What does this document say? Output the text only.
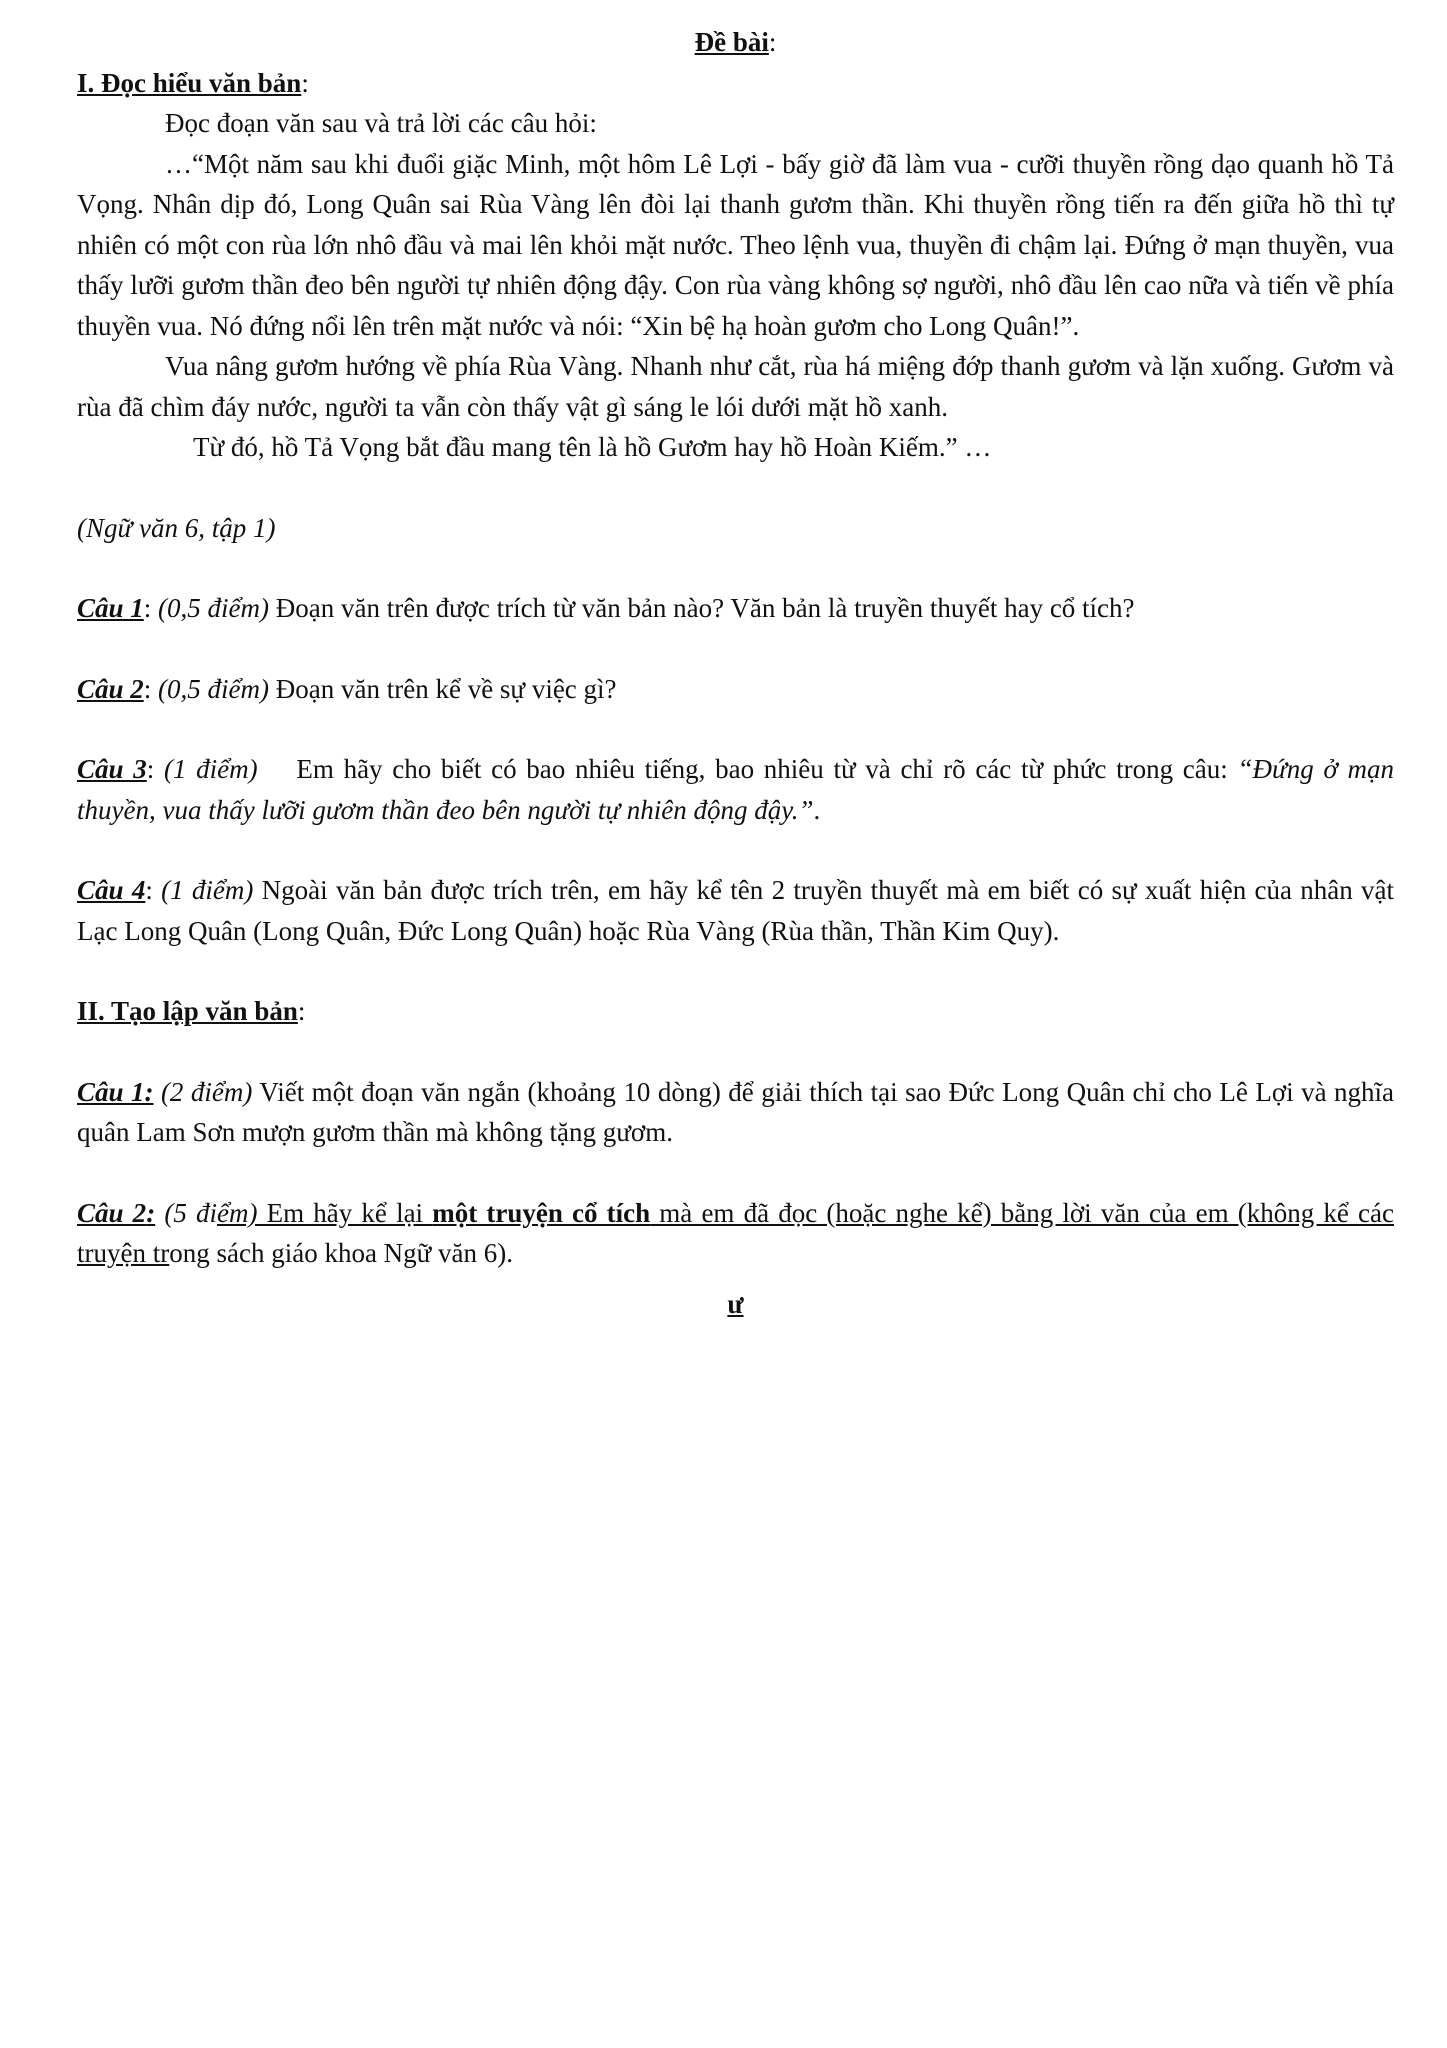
Đề bài:

I. Đọc hiểu văn bản:

Đọc đoạn văn sau và trả lời các câu hỏi:

…“Một năm sau khi đuổi giặc Minh, một hôm Lê Lợi - bấy giờ đã làm vua - cưỡi thuyền rồng dạo quanh hồ Tả Vọng. Nhân dịp đó, Long Quân sai Rùa Vàng lên đòi lại thanh gươm thần. Khi thuyền rồng tiến ra đến giữa hồ thì tự nhiên có một con rùa lớn nhô đầu và mai lên khỏi mặt nước. Theo lệnh vua, thuyền đi chậm lại. Đứng ở mạn thuyền, vua thấy lưỡi gươm thần đeo bên người tự nhiên động đậy. Con rùa vàng không sợ người, nhô đầu lên cao nữa và tiến về phía thuyền vua. Nó đứng nổi lên trên mặt nước và nói: “Xin bệ hạ hoàn gươm cho Long Quân!”.

Vua nâng gươm hướng về phía Rùa Vàng. Nhanh như cắt, rùa há miệng đớp thanh gươm và lặn xuống. Gươm và rùa đã chìm đáy nước, người ta vẫn còn thấy vật gì sáng le lói dưới mặt hồ xanh.

Từ đó, hồ Tả Vọng bắt đầu mang tên là hồ Gươm hay hồ Hoàn Kiếm.” …

(Ngữ văn 6, tập 1)

Câu 1: (0,5 điểm) Đoạn văn trên được trích từ văn bản nào? Văn bản là truyền thuyết hay cổ tích?

Câu 2: (0,5 điểm) Đoạn văn trên kể về sự việc gì?

Câu 3: (1 điểm)    Em hãy cho biết có bao nhiêu tiếng, bao nhiêu từ và chỉ rõ các từ phức trong câu: “Đứng ở mạn thuyền, vua thấy lưỡi gươm thần đeo bên người tự nhiên động đậy.”.

Câu 4: (1 điểm) Ngoài văn bản được trích trên, em hãy kể tên 2 truyền thuyết mà em biết có sự xuất hiện của nhân vật Lạc Long Quân (Long Quân, Đức Long Quân) hoặc Rùa Vàng (Rùa thần, Thần Kim Quy).

II. Tạo lập văn bản:

Câu 1: (2 điểm) Viết một đoạn văn ngắn (khoảng 10 dòng) để giải thích tại sao Đức Long Quân chỉ cho Lê Lợi và nghĩa quân Lam Sơn mượn gươm thần mà không tặng gươm.

Câu 2: (5 điểm) Em hãy kể lại một truyện cổ tích mà em đã đọc (hoặc nghe kể) bằng lời văn của em (không kể các truyện trong sách giáo khoa Ngữ văn 6).

ư
